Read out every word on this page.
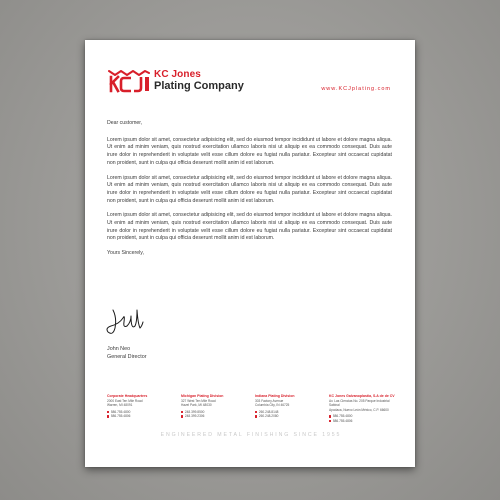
KC Jones
Plating Company	www.KCJplating.com

Dear customer,

Lorem ipsum dolor sit amet, consectetur adipisicing elit, sed do eiusmod tempor incididunt ut labore et dolore magna aliqua. Ut enim ad minim veniam, quis nostrud exercitation ullamco laboris nisi ut aliquip ex ea commodo consequat. Duis aute irure dolor in reprehenderit in voluptate velit esse cillum dolore eu fugiat nulla pariatur. Excepteur sint occaecat cupidatat non proident, sunt in culpa qui officia deserunt mollit anim id est laborum.

Lorem ipsum dolor sit amet, consectetur adipisicing elit, sed do eiusmod tempor incididunt ut labore et dolore magna aliqua. Ut enim ad minim veniam, quis nostrud exercitation ullamco laboris nisi ut aliquip ex ea commodo consequat. Duis aute irure dolor in reprehenderit in voluptate velit esse cillum dolore eu fugiat nulla pariatur. Excepteur sint occaecat cupidatat non proident, sunt in culpa qui officia deserunt mollit anim id est laborum.

Lorem ipsum dolor sit amet, consectetur adipisicing elit, sed do eiusmod tempor incididunt ut labore et dolore magna aliqua. Ut enim ad minim veniam, quis nostrud exercitation ullamco laboris nisi ut aliquip ex ea commodo consequat. Duis aute irure dolor in reprehenderit in voluptate velit esse cillum dolore eu fugiat nulla pariatur. Excepteur sint occaecat cupidatat non proident, sunt in culpa qui officia deserunt mollit anim id est laborum.

Yours Sincerely,

John Neo
General Director
Corporate Headquarters
2000 East Ten Mile Road
Warren, MI 48091
586.755.4800
586.755.4806
Michigan Plating Division
327 West Ten Mile Road
Hazel Park, MI 48030
248.399.8500
248.399.2306
Indiana Plating Division
303 Factory Avenue
Columbia City, IN 46725
260.248.8148
260.248.2080
KC Jones Galvanoplastia, S.A de de CV
Av. Las Ciencias No. 205 Parque Industrial Sabinal
Apodaca, Nuevo León México, C.P. 66600
586.755.4800
586.755.4806
ENGINEERED METAL FINISHING SINCE 1955
